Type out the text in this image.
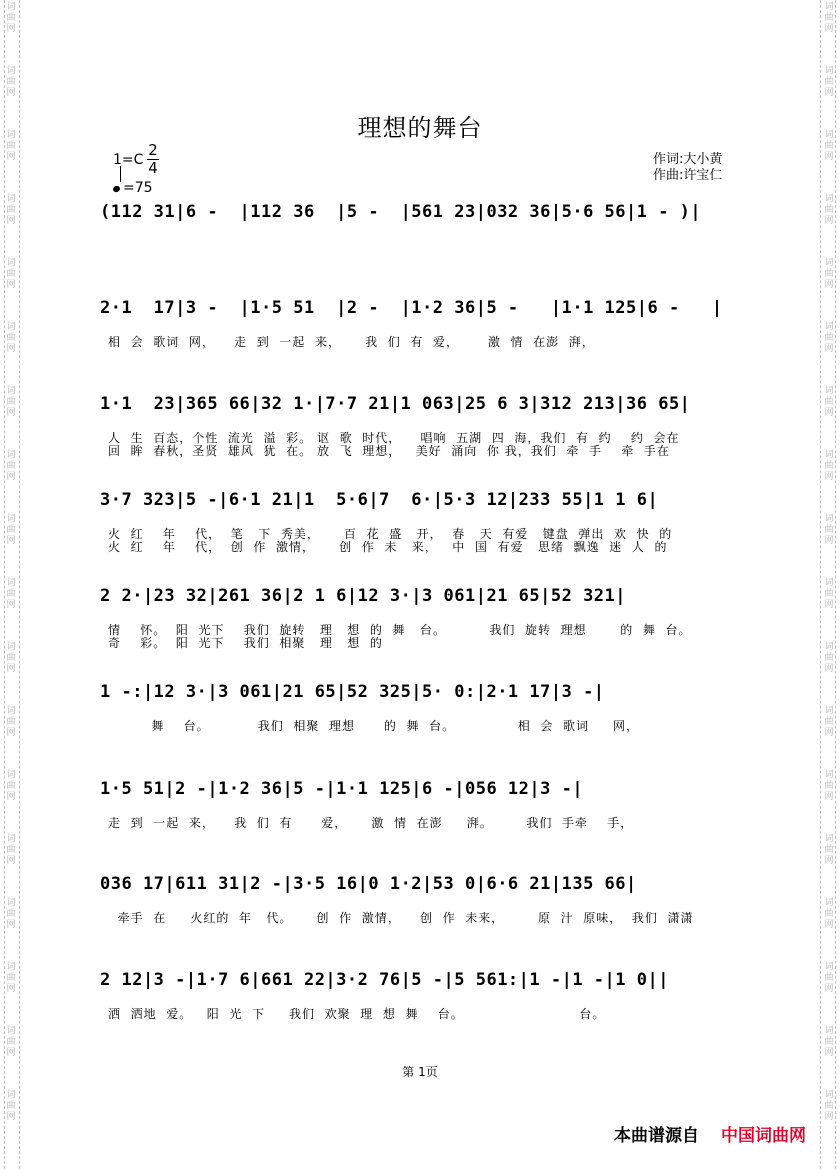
词
曲
网
词
曲
网
词
曲
网
词
曲
网
词
曲
网
词
曲
网
词
曲
网
词
曲
网
词
曲
网
词
曲
网
词
曲
网
词
曲
网
词
曲
网
词
曲
网
词
曲
网
词
曲
网
词
曲
网
词
曲
网
词
曲
网
词
曲
网
词
曲
网
词
曲
网
词
曲
网
词
曲
网
词
曲
网
词
曲
网
词
曲
网
词
曲
网
词
曲
网
词
曲
网
词
曲
网
词
曲
网
词
曲
网
词
曲
网
词
曲
网
词
曲
网
理想的舞台
1=C
2
4
=75
作词:大小黄
作曲:许宝仁
(112 31|6 -  |112 36  |5 -  |561 23|032 36|5·6 56|1 - )|
2·1  17|3 -  |1·5 51  |2 -  |1·2 36|5 -   |1·1 125|6 -   |
相  会  歌词  网，    走  到  一起  来，     我  们  有  爱，      激  情  在澎  湃，
1·1  23|365 66|32 1·|7·7 21|1 063|25 6 3|312 213|36 65|
人  生  百态，个性  流光  溢  彩。 讴  歌  时代，    唱响  五湖  四  海，我们  有  约    约  会在
回  眸  春秋，圣贤  雄风  犹  在。 放  飞  理想，   美好  涌向  你 我，我们  牵  手    牵  手在
3·7 323|5 -|6·1 21|1  5·6|7  6·|5·3 12|233 55|1 1 6|
火  红    年    代，  笔   下  秀美，     百  花  盛   开，  春   天  有爱   键盘  弹出  欢  快  的
火  红    年    代，  创  作  激情，     创  作  未   来，   中  国  有爱   思绪  飘逸  迷  人  的
2 2·|23 32|261 36|2 1 6|12 3·|3 061|21 65|52 321|
情    怀。  阳  光下    我们  旋转   理   想  的  舞   台。         我们  旋转  理想       的  舞  台。
奇    彩。  阳  光下    我们  相聚   理   想  的
1 -:|12 3·|3 061|21 65|52 325|5· 0:|2·1 17|3 -|
舞    台。          我们  相聚  理想      的  舞  台。             相  会  歌词     网，
1·5 51|2 -|1·2 36|5 -|1·1 125|6 -|056 12|3 -|
走  到  一起  来，    我  们  有      爱，     激  情  在澎     湃。       我们  手牵    手，
036 17|611 31|2 -|3·5 16|0 1·2|53 0|6·6 21|135 66|
牵手  在     火红的  年   代。     创  作  激情，    创  作  未来，       原  汁  原味，  我们  潇潇
2 12|3 -|1·7 6|661 22|3·2 76|5 -|5 561:|1 -|1 -|1 0||
洒  洒地  爱。   阳  光  下     我们  欢聚  理  想  舞    台。                        台。
第 1页
本曲谱源自 中国词曲网
